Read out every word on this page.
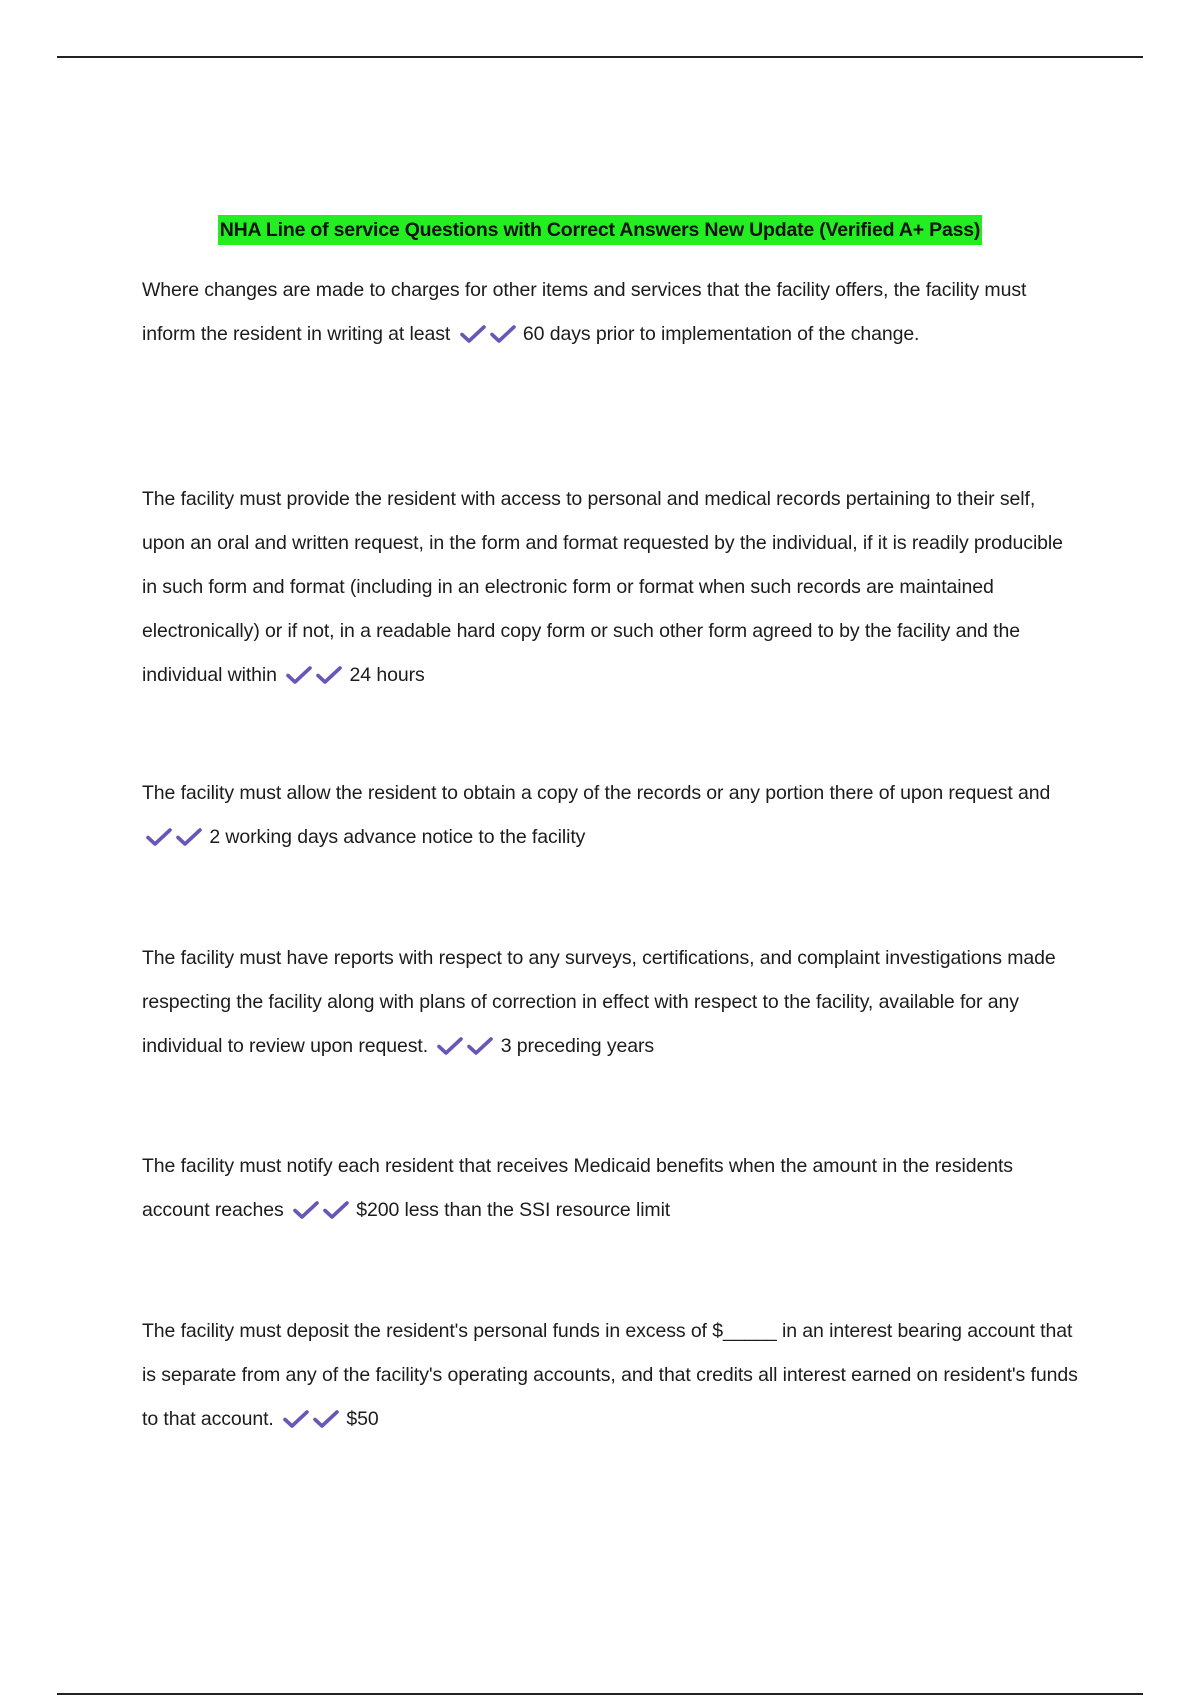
NHA Line of service Questions with Correct Answers New Update (Verified A+ Pass)
Where changes are made to charges for other items and services that the facility offers, the facility must inform the resident in writing at least	60 days prior to implementation of the change.
The facility must provide the resident with access to personal and medical records pertaining to their self, upon an oral and written request, in the form and format requested by the individual, if it is readily producible in such form and format (including in an electronic form or format when such records are maintained electronically) or if not, in a readable hard copy form or such other form agreed to by the facility and the individual within	24 hours
The facility must allow the resident to obtain a copy of the records or any portion there of upon request and
2 working days advance notice to the facility
The facility must have reports with respect to any surveys, certifications, and complaint investigations made respecting the facility along with plans of correction in effect with respect to the facility, available for any individual to review upon request.	3 preceding years
The facility must notify each resident that receives Medicaid benefits when the amount in the residents account reaches	$200 less than the SSI resource limit
The facility must deposit the resident's personal funds in excess of $_____ in an interest bearing account that is separate from any of the facility's operating accounts, and that credits all interest earned on resident's funds to that account.	$50
